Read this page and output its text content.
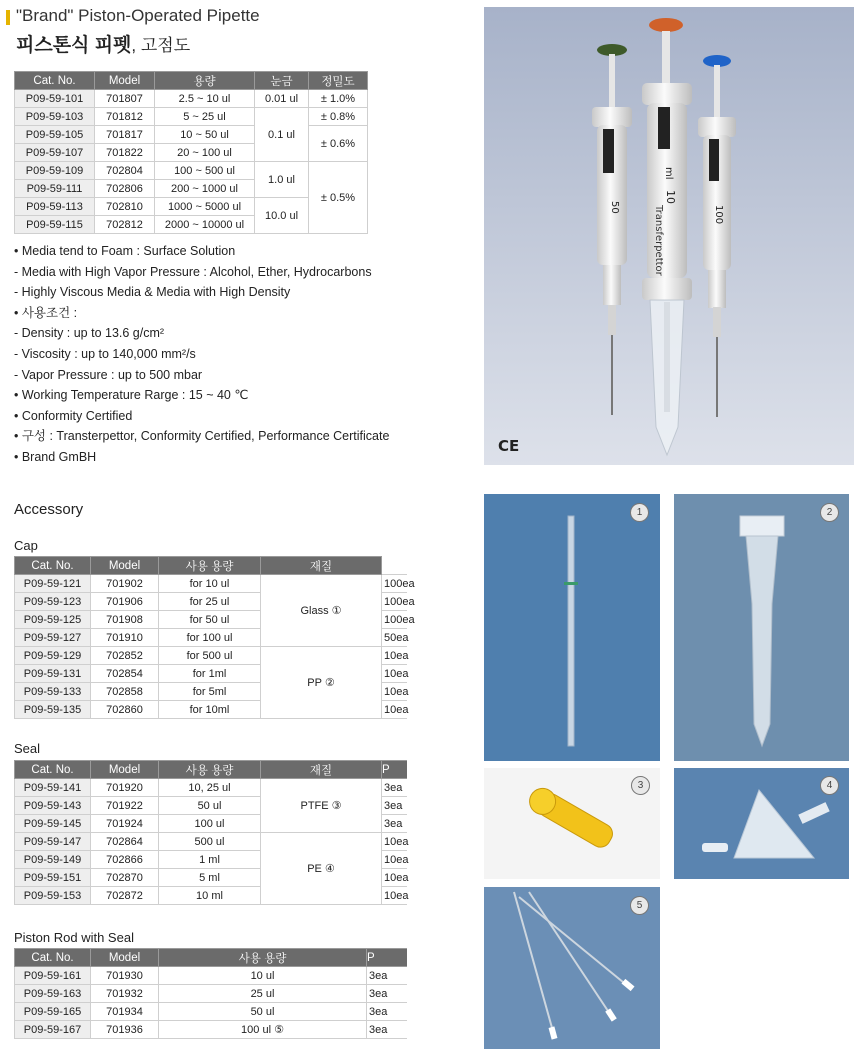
"Brand" Piston-Operated Pipette
피스톤식 피펫, 고점도
Cat. No.	Model	용량	눈금	정밀도
P09-59-101	701807	2.5 ~ 10 ul	0.01 ul	± 1.0%
P09-59-103	701812	5 ~ 25 ul	0.1 ul	± 0.8%
P09-59-105	701817	10 ~ 50 ul		± 0.6%
P09-59-107	701822	20 ~ 100 ul		
P09-59-109	702804	100 ~ 500 ul	1.0 ul	± 0.5%
P09-59-111	702806	200 ~ 1000 ul		
P09-59-113	702810	1000 ~ 5000 ul	10.0 ul	
P09-59-115	702812	2000 ~ 10000 ul		
• Media tend to Foam : Surface Solution
- Media with High Vapor Pressure : Alcohol, Ether, Hydrocarbons
- Highly Viscous Media & Media with High Density
• 사용조건 :
- Density : up to 13.6 g/cm²
- Viscosity : up to 140,000 mm²/s
- Vapor Pressure : up to 500 mbar
• Working Temperature Rarge : 15 ~ 40 ℃
• Conformity Certified
• 구성 : Transterpettor, Conformity Certified, Performance Certificate
• Brand GmBH
Accessory
Cap
Cat. No.	Model	사용 용량	재질	
P09-59-121	701902	for 10 ul	Glass ①	100ea
P09-59-123	701906	for 25 ul		100ea
P09-59-125	701908	for 50 ul		100ea
P09-59-127	701910	for 100 ul		50ea
P09-59-129	702852	for 500 ul	PP ②	10ea
P09-59-131	702854	for 1ml		10ea
P09-59-133	702858	for 5ml		10ea
P09-59-135	702860	for 10ml		10ea
Seal
Cat. No.	Model	사용 용량	재질	P
P09-59-141	701920	10, 25 ul	PTFE ③	3ea
P09-59-143	701922	50 ul		3ea
P09-59-145	701924	100 ul		3ea
P09-59-147	702864	500 ul	PE ④	10ea
P09-59-149	702866	1 ml		10ea
P09-59-151	702870	5 ml		10ea
P09-59-153	702872	10 ml		10ea
Piston Rod with Seal
Cat. No.	Model	사용 용량	P
P09-59-161	701930	10 ul	3ea
P09-59-163	701932	25 ul	3ea
P09-59-165	701934	50 ul	3ea
P09-59-167	701936	100 ul ⑤	3ea
50
ml
10
Transferpettor	100
CE
1	2
3	4
5
